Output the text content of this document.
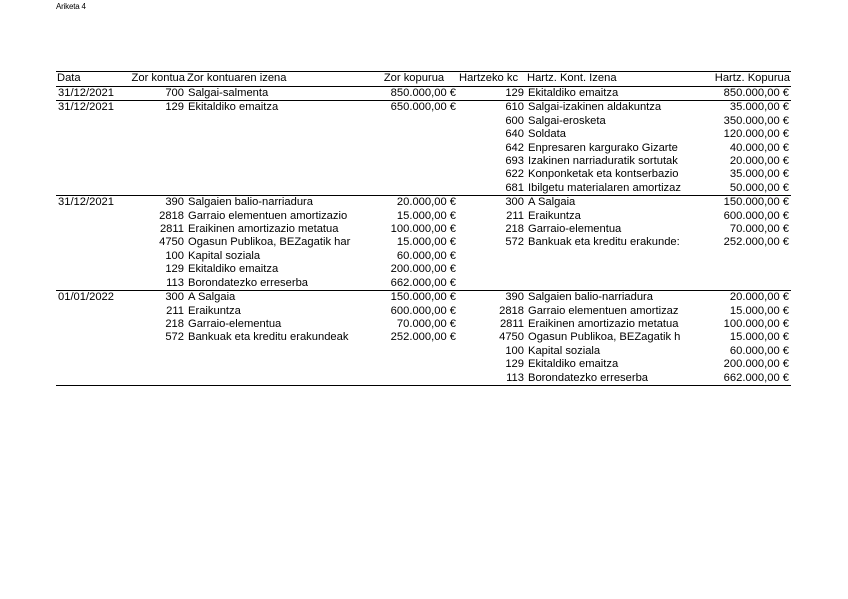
Ariketa 4
Data	Zor kontua	Zor kontuaren izena	Zor kopurua	Hartzeko kc	Hartz. Kont. Izena	Hartz. Kopurua
31/12/2021	700	Salgai-salmenta	850.000,00 €	129	Ekitaldiko emaitza	850.000,00 €
31/12/2021	129	Ekitaldiko emaitza	650.000,00 €	610	Salgai-izakinen aldakuntza	35.000,00 €
				600	Salgai-erosketa	350.000,00 €
				640	Soldata	120.000,00 €
				642	Enpresaren kargurako Gizarte	40.000,00 €
				693	Izakinen narriaduratik sortutak	20.000,00 €
				622	Konponketak eta kontserbazio	35.000,00 €
				681	Ibilgetu materialaren amortizaz	50.000,00 €
31/12/2021	390	Salgaien balio-narriadura	20.000,00 €	300	A Salgaia	150.000,00 €
	2818	Garraio elementuen amortizazio	15.000,00 €	211	Eraikuntza	600.000,00 €
	2811	Eraikinen amortizazio metatua	100.000,00 €	218	Garraio-elementua	70.000,00 €
	4750	Ogasun Publikoa, BEZagatik har	15.000,00 €	572	Bankuak eta kreditu erakunde:	252.000,00 €
	100	Kapital soziala	60.000,00 €			
	129	Ekitaldiko emaitza	200.000,00 €			
	113	Borondatezko erreserba	662.000,00 €			
01/01/2022	300	A Salgaia	150.000,00 €	390	Salgaien balio-narriadura	20.000,00 €
	211	Eraikuntza	600.000,00 €	2818	Garraio elementuen amortizaz	15.000,00 €
	218	Garraio-elementua	70.000,00 €	2811	Eraikinen amortizazio metatua	100.000,00 €
	572	Bankuak eta kreditu erakundeak	252.000,00 €	4750	Ogasun Publikoa, BEZagatik h	15.000,00 €
				100	Kapital soziala	60.000,00 €
				129	Ekitaldiko emaitza	200.000,00 €
				113	Borondatezko erreserba	662.000,00 €
